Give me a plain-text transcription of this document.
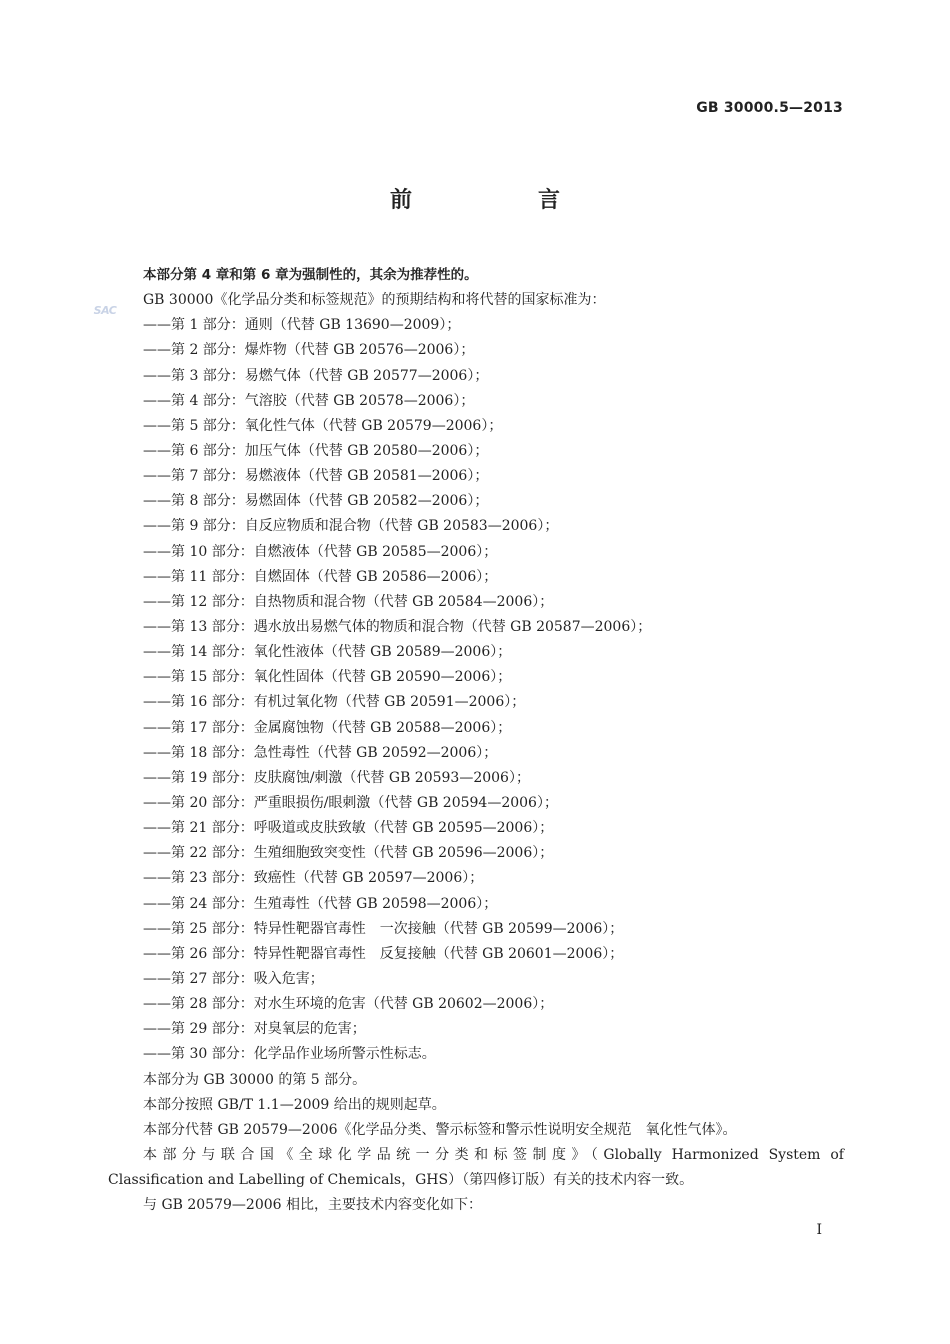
GB 30000.5—2013
前　言
SAC
本部分第 4 章和第 6 章为强制性的，其余为推荐性的。
GB 30000《化学品分类和标签规范》的预期结构和将代替的国家标准为：
——第 1 部分：通则（代替 GB 13690—2009）；
——第 2 部分：爆炸物（代替 GB 20576—2006）；
——第 3 部分：易燃气体（代替 GB 20577—2006）；
——第 4 部分：气溶胶（代替 GB 20578—2006）；
——第 5 部分：氧化性气体（代替 GB 20579—2006）；
——第 6 部分：加压气体（代替 GB 20580—2006）；
——第 7 部分：易燃液体（代替 GB 20581—2006）；
——第 8 部分：易燃固体（代替 GB 20582—2006）；
——第 9 部分：自反应物质和混合物（代替 GB 20583—2006）；
——第 10 部分：自燃液体（代替 GB 20585—2006）；
——第 11 部分：自燃固体（代替 GB 20586—2006）；
——第 12 部分：自热物质和混合物（代替 GB 20584—2006）；
——第 13 部分：遇水放出易燃气体的物质和混合物（代替 GB 20587—2006）；
——第 14 部分：氧化性液体（代替 GB 20589—2006）；
——第 15 部分：氧化性固体（代替 GB 20590—2006）；
——第 16 部分：有机过氧化物（代替 GB 20591—2006）；
——第 17 部分：金属腐蚀物（代替 GB 20588—2006）；
——第 18 部分：急性毒性（代替 GB 20592—2006）；
——第 19 部分：皮肤腐蚀/刺激（代替 GB 20593—2006）；
——第 20 部分：严重眼损伤/眼刺激（代替 GB 20594—2006）；
——第 21 部分：呼吸道或皮肤致敏（代替 GB 20595—2006）；
——第 22 部分：生殖细胞致突变性（代替 GB 20596—2006）；
——第 23 部分：致癌性（代替 GB 20597—2006）；
——第 24 部分：生殖毒性（代替 GB 20598—2006）；
——第 25 部分：特异性靶器官毒性　一次接触（代替 GB 20599—2006）；
——第 26 部分：特异性靶器官毒性　反复接触（代替 GB 20601—2006）；
——第 27 部分：吸入危害；
——第 28 部分：对水生环境的危害（代替 GB 20602—2006）；
——第 29 部分：对臭氧层的危害；
——第 30 部分：化学品作业场所警示性标志。
本部分为 GB 30000 的第 5 部分。
本部分按照 GB/T 1.1—2009 给出的规则起草。
本部分代替 GB 20579—2006《化学品分类、警示标签和警示性说明安全规范　氧化性气体》。
本部分与联合国《全球化学品统一分类和标签制度》（Globally Harmonized System of
Classification and Labelling of Chemicals，GHS）（第四修订版）有关的技术内容一致。
与 GB 20579—2006 相比，主要技术内容变化如下：
I
